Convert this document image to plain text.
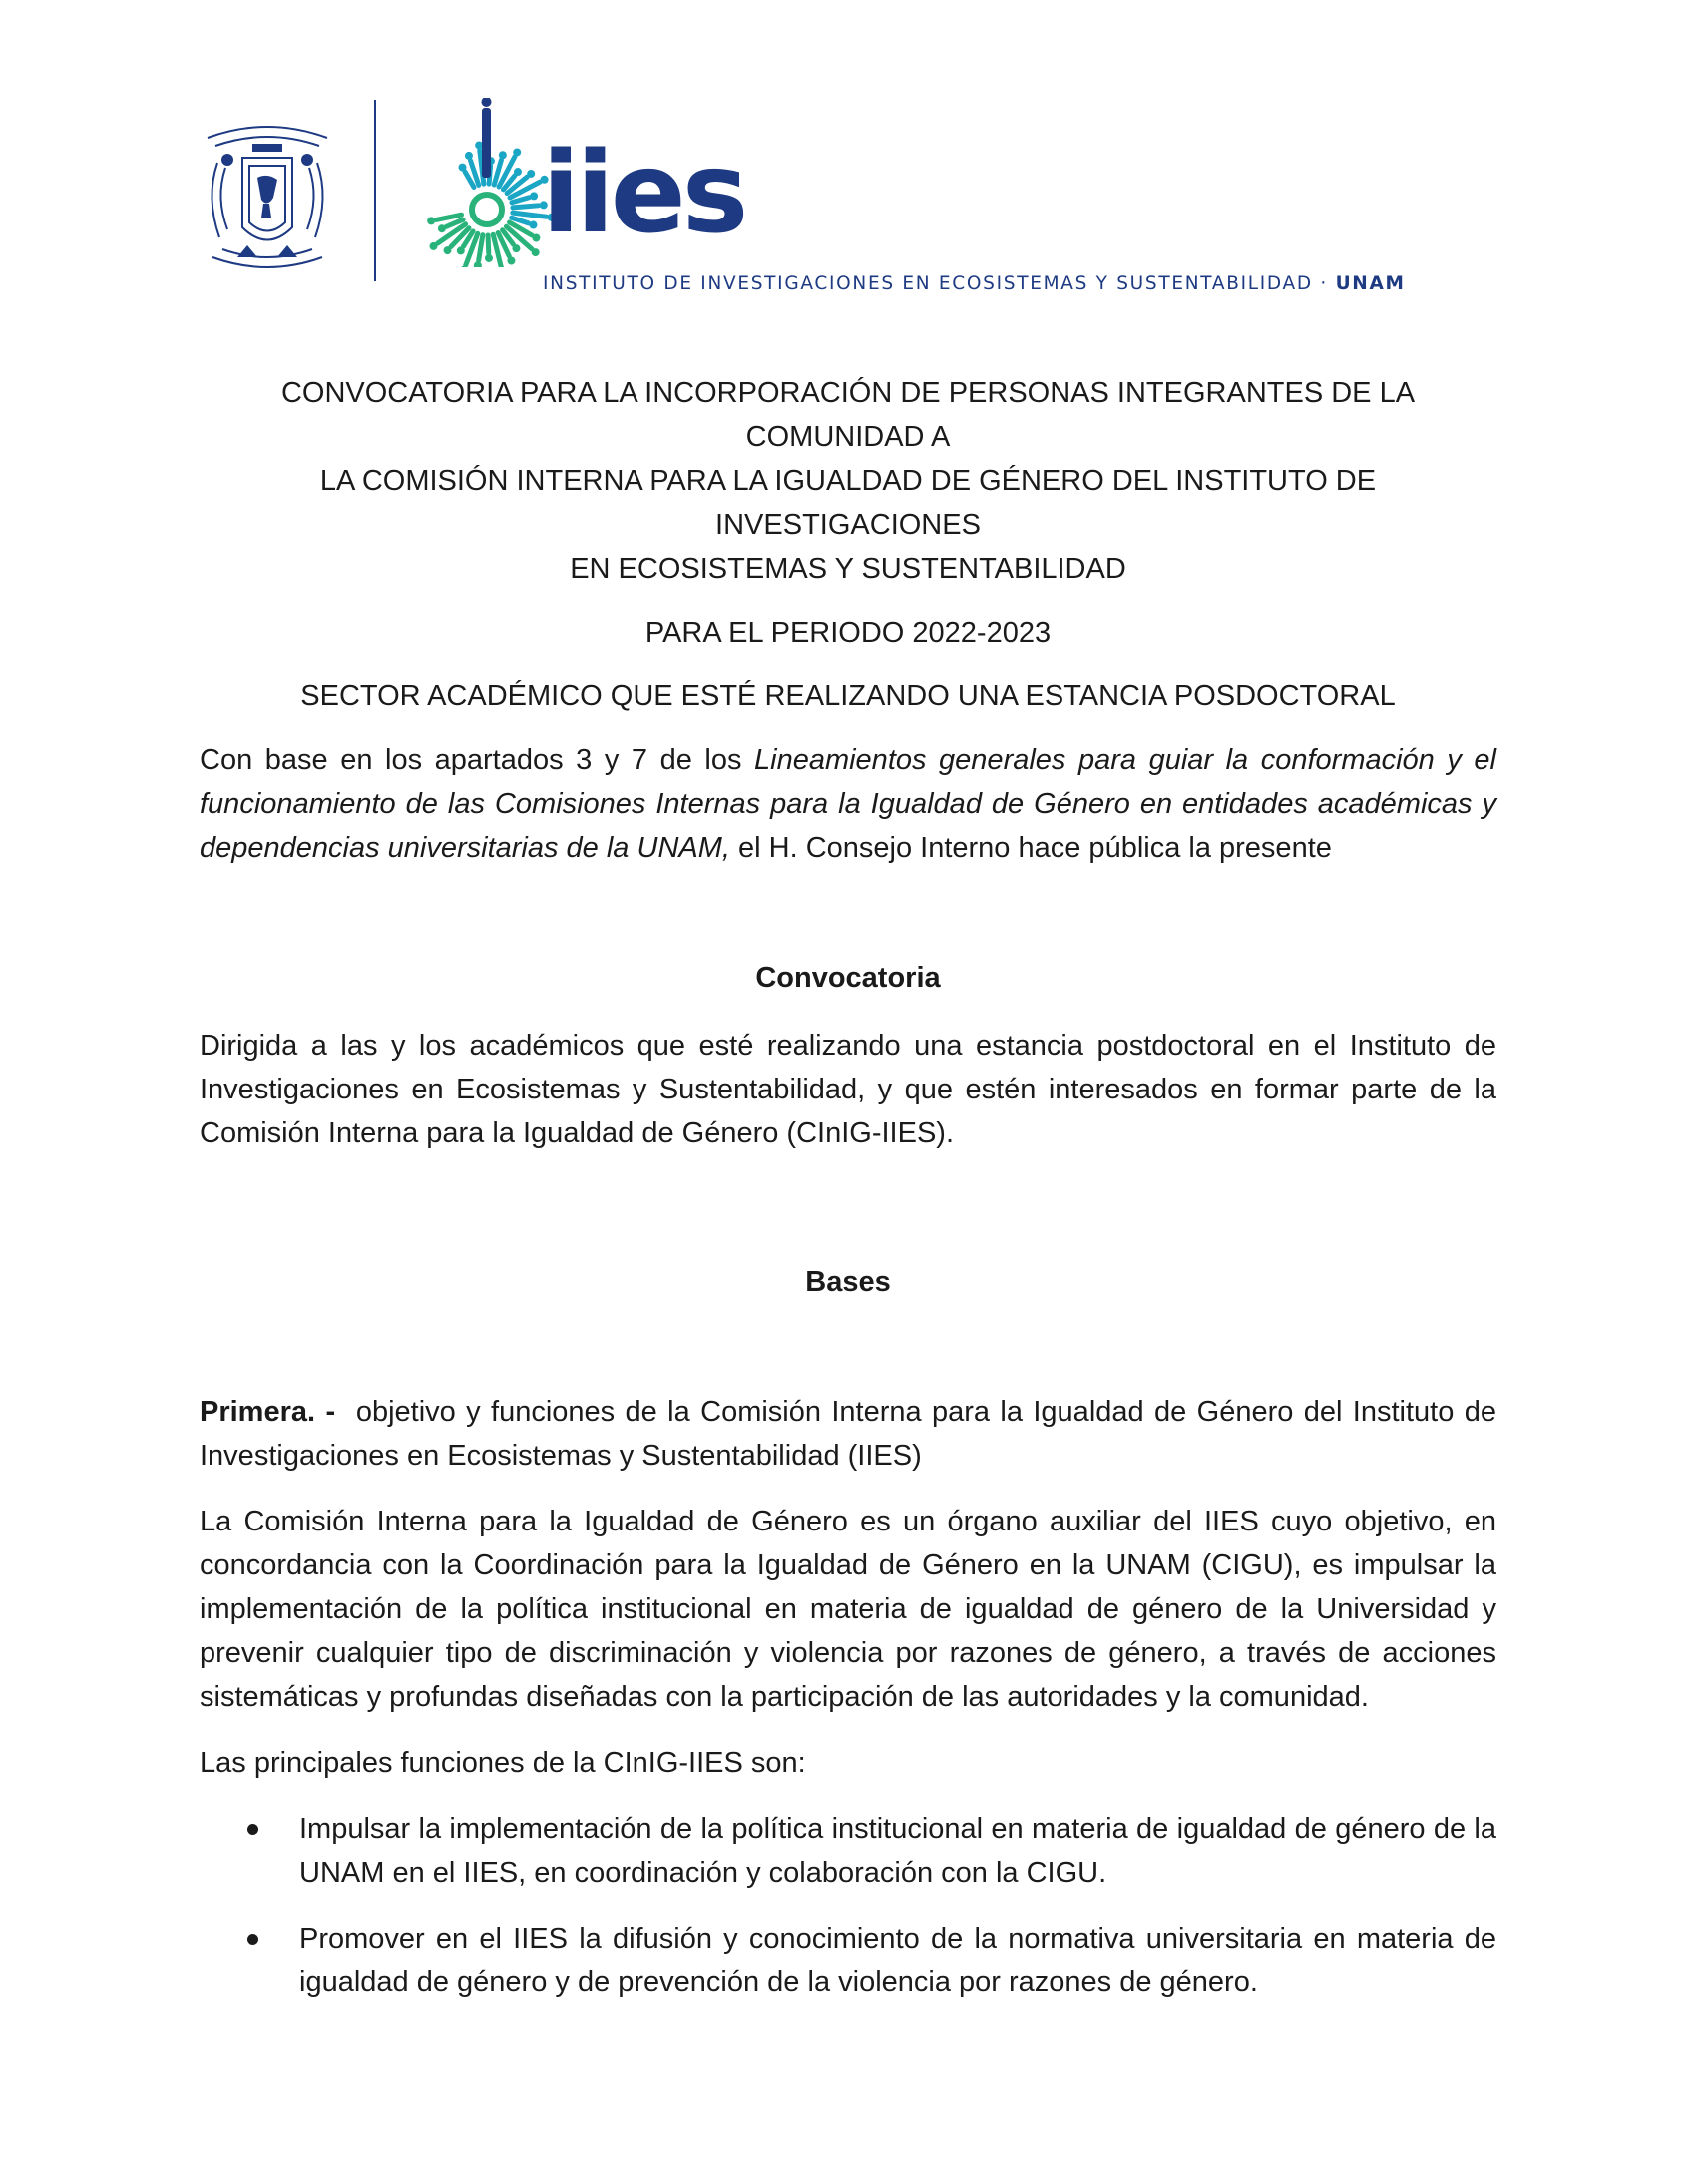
iies
INSTITUTO DE INVESTIGACIONES EN ECOSISTEMAS Y SUSTENTABILIDAD · UNAM
CONVOCATORIA PARA LA INCORPORACIÓN DE PERSONAS INTEGRANTES DE LA COMUNIDAD A
LA COMISIÓN INTERNA PARA LA IGUALDAD DE GÉNERO DEL INSTITUTO DE INVESTIGACIONES
EN ECOSISTEMAS Y SUSTENTABILIDAD

PARA EL PERIODO 2022-2023

SECTOR ACADÉMICO QUE ESTÉ REALIZANDO UNA ESTANCIA POSDOCTORAL

Con base en los apartados 3 y 7 de los Lineamientos generales para guiar la conformación y el funcionamiento de las Comisiones Internas para la Igualdad de Género en entidades académicas y dependencias universitarias de la UNAM, el H. Consejo Interno hace pública la presente

Convocatoria

Dirigida a las y los académicos que esté realizando una estancia postdoctoral en el Instituto de Investigaciones en Ecosistemas y Sustentabilidad, y que estén interesados en formar parte de la Comisión Interna para la Igualdad de Género (CInIG-IIES).

Bases

Primera. -  objetivo y funciones de la Comisión Interna para la Igualdad de Género del Instituto de Investigaciones en Ecosistemas y Sustentabilidad (IIES)

La Comisión Interna para la Igualdad de Género es un órgano auxiliar del IIES cuyo objetivo, en concordancia con la Coordinación para la Igualdad de Género en la UNAM (CIGU), es impulsar la implementación de la política institucional en materia de igualdad de género de la Universidad y prevenir cualquier tipo de discriminación y violencia por razones de género, a través de acciones sistemáticas y profundas diseñadas con la participación de las autoridades y la comunidad.

Las principales funciones de la CInIG-IIES son:

Impulsar la implementación de la política institucional en materia de igualdad de género de la UNAM en el IIES, en coordinación y colaboración con la CIGU.
Promover en el IIES la difusión y conocimiento de la normativa universitaria en materia de igualdad de género y de prevención de la violencia por razones de género.
